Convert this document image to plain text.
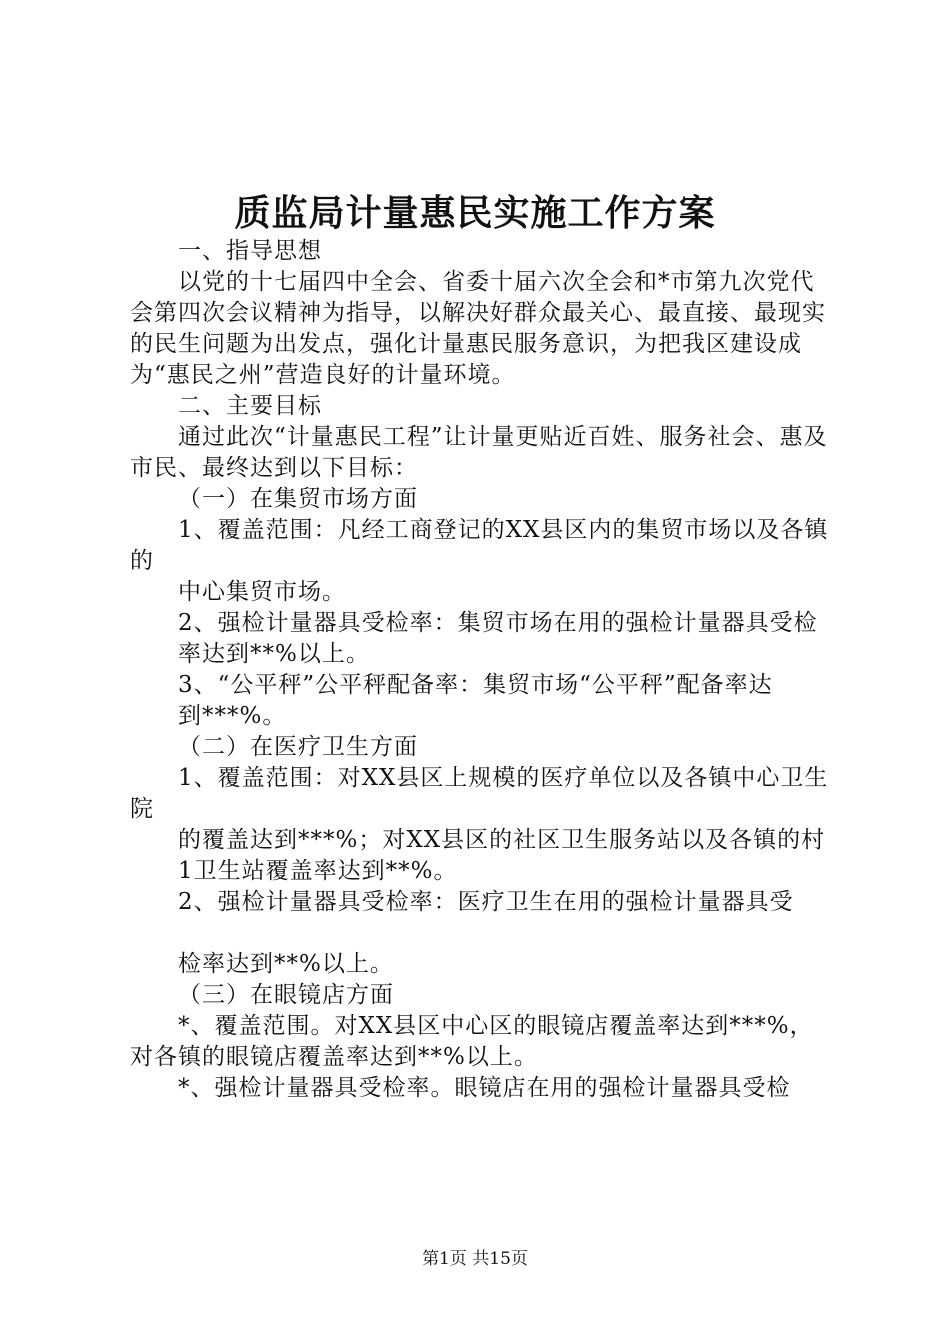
质监局计量惠民实施工作方案

一、指导思想

以党的十七届四中全会、省委十届六次全会和*市第九次党代会第四次会议精神为指导，以解决好群众最关心、最直接、最现实的民生问题为出发点，强化计量惠民服务意识，为把我区建设成为“惠民之州”营造良好的计量环境。

二、主要目标

通过此次“计量惠民工程”让计量更贴近百姓、服务社会、惠及市民、最终达到以下目标：

（一）在集贸市场方面

1、覆盖范围：凡经工商登记的XX县区内的集贸市场以及各镇的

中心集贸市场。

2、强检计量器具受检率：集贸市场在用的强检计量器具受检

率达到**%以上。

3、“公平秤”公平秤配备率：集贸市场“公平秤”配备率达

到***%。

（二）在医疗卫生方面

1、覆盖范围：对XX县区上规模的医疗单位以及各镇中心卫生院

的覆盖达到***%；对XX县区的社区卫生服务站以及各镇的村

1卫生站覆盖率达到**%。

2、强检计量器具受检率：医疗卫生在用的强检计量器具受

检率达到**%以上。

（三）在眼镜店方面

*、覆盖范围。对XX县区中心区的眼镜店覆盖率达到***%，对各镇的眼镜店覆盖率达到**%以上。

*、强检计量器具受检率。眼镜店在用的强检计量器具受检

第1页 共15页
